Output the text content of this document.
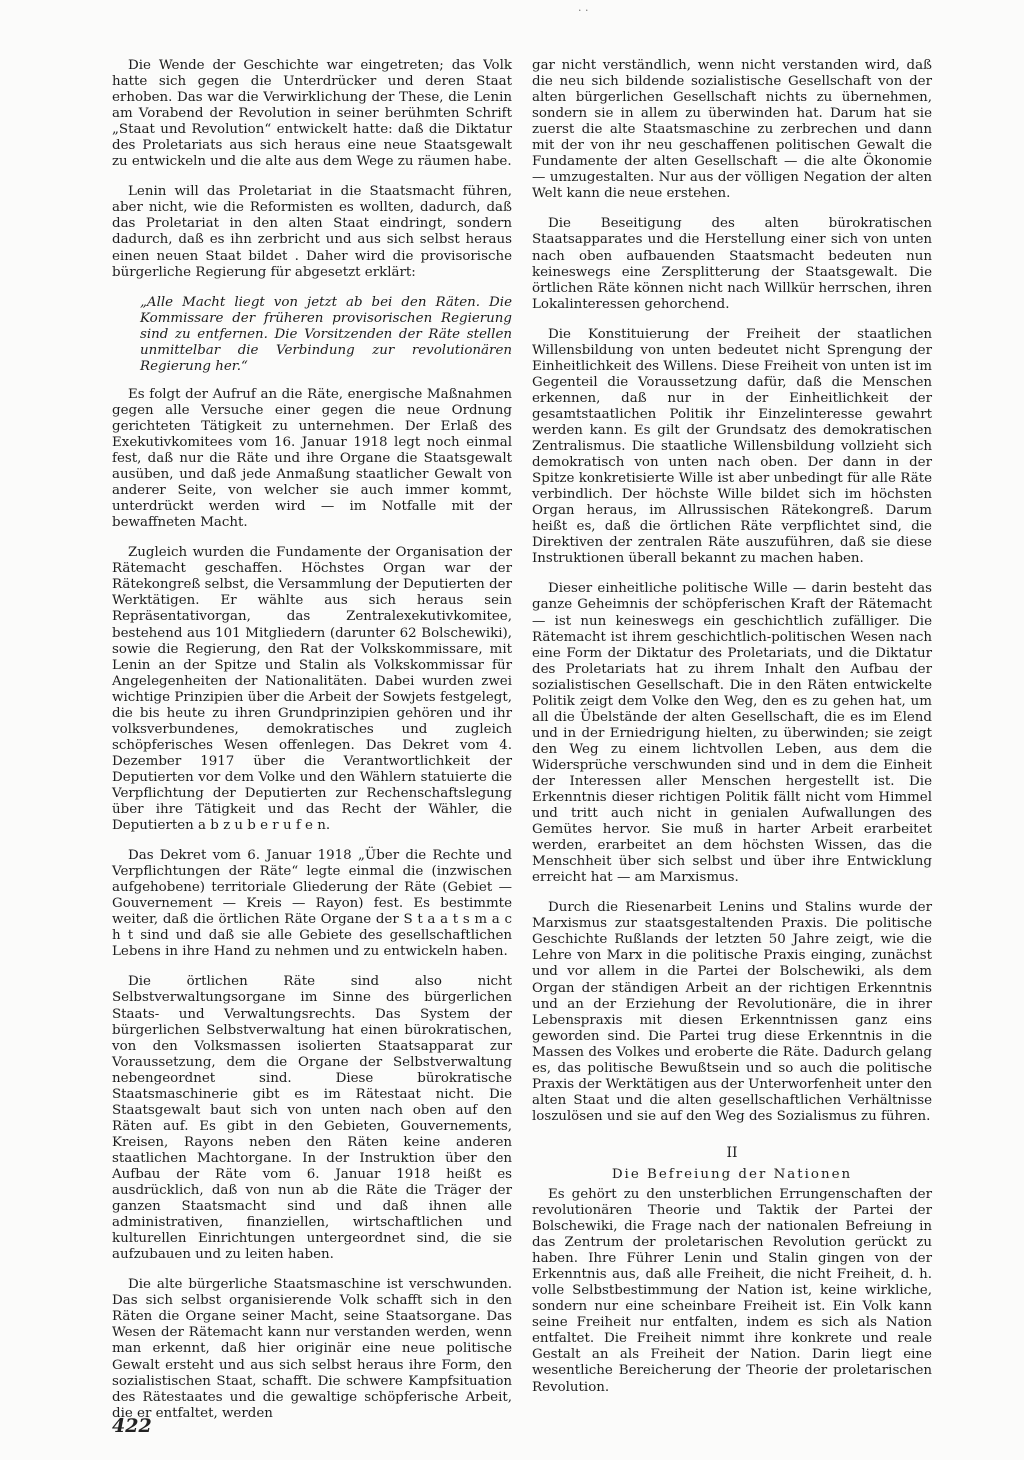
· ·

Die Wende der Geschichte war eingetreten; das Volk hatte sich gegen die Unterdrücker und deren Staat erhoben. Das war die Verwirklichung der These, die Lenin am Vorabend der Revolution in seiner berühmten Schrift „Staat und Revolution“ entwickelt hatte: daß die Diktatur des Proletariats aus sich heraus eine neue Staatsgewalt zu entwickeln und die alte aus dem Wege zu räumen habe.

Lenin will das Proletariat in die Staatsmacht führen, aber nicht, wie die Reformisten es wollten, dadurch, daß das Proletariat in den alten Staat eindringt, sondern dadurch, daß es ihn zerbricht und aus sich selbst heraus einen neuen Staat bildet . Daher wird die provisorische bürgerliche Regierung für abgesetzt erklärt:

„Alle Macht liegt von jetzt ab bei den Räten. Die Kommissare der früheren provisorischen Regierung sind zu entfernen. Die Vorsitzenden der Räte stellen unmittelbar die Verbindung zur revolutionären Regierung her.“

Es folgt der Aufruf an die Räte, energische Maßnahmen gegen alle Versuche einer gegen die neue Ordnung gerichteten Tätigkeit zu unternehmen. Der Erlaß des Exekutivkomitees vom 16. Januar 1918 legt noch einmal fest, daß nur die Räte und ihre Organe die Staatsgewalt ausüben, und daß jede Anmaßung staatlicher Gewalt von anderer Seite, von welcher sie auch immer kommt, unterdrückt werden wird — im Notfalle mit der bewaffneten Macht.

Zugleich wurden die Fundamente der Organisation der Rätemacht geschaffen. Höchstes Organ war der Rätekongreß selbst, die Versammlung der Deputierten der Werktätigen. Er wählte aus sich heraus sein Repräsentativorgan, das Zentralexekutivkomitee, bestehend aus 101 Mitgliedern (darunter 62 Bolschewiki), sowie die Regierung, den Rat der Volkskommissare, mit Lenin an der Spitze und Stalin als Volkskommissar für Angelegenheiten der Nationalitäten. Dabei wurden zwei wichtige Prinzipien über die Arbeit der Sowjets festgelegt, die bis heute zu ihren Grundprinzipien gehören und ihr volksverbundenes, demokratisches und zugleich schöpferisches Wesen offenlegen. Das Dekret vom 4. Dezember 1917 über die Verantwortlichkeit der Deputierten vor dem Volke und den Wählern statuierte die Verpflichtung der Deputierten zur Rechenschaftslegung über ihre Tätigkeit und das Recht der Wähler, die Deputierten a b z u b e r u f e n.

Das Dekret vom 6. Januar 1918 „Über die Rechte und Verpflichtungen der Räte“ legte einmal die (inzwischen aufgehobene) territoriale Gliederung der Räte (Gebiet — Gouvernement — Kreis — Rayon) fest. Es bestimmte weiter, daß die örtlichen Räte Organe der S t a a t s m a c h t sind und daß sie alle Gebiete des gesellschaftlichen Lebens in ihre Hand zu nehmen und zu entwickeln haben.

Die örtlichen Räte sind also nicht Selbstverwaltungsorgane im Sinne des bürgerlichen Staats- und Verwaltungsrechts. Das System der bürgerlichen Selbstverwaltung hat einen bürokratischen, von den Volksmassen isolierten Staatsapparat zur Voraussetzung, dem die Organe der Selbstverwaltung nebengeordnet sind. Diese bürokratische Staatsmaschinerie gibt es im Rätestaat nicht. Die Staatsgewalt baut sich von unten nach oben auf den Räten auf. Es gibt in den Gebieten, Gouvernements, Kreisen, Rayons neben den Räten keine anderen staatlichen Machtorgane. In der Instruktion über den Aufbau der Räte vom 6. Januar 1918 heißt es ausdrücklich, daß von nun ab die Räte die Träger der ganzen Staatsmacht sind und daß ihnen alle administrativen, finanziellen, wirtschaftlichen und kulturellen Einrichtungen untergeordnet sind, die sie aufzubauen und zu leiten haben.

Die alte bürgerliche Staatsmaschine ist verschwunden. Das sich selbst organisierende Volk schafft sich in den Räten die Organe seiner Macht, seine Staatsorgane. Das Wesen der Rätemacht kann nur verstanden werden, wenn man erkennt, daß hier originär eine neue politische Gewalt ersteht und aus sich selbst heraus ihre Form, den sozialistischen Staat, schafft. Die schwere Kampfsituation des Rätestaates und die gewaltige schöpferische Arbeit, die er entfaltet, werden

gar nicht verständlich, wenn nicht verstanden wird, daß die neu sich bildende sozialistische Gesellschaft von der alten bürgerlichen Gesellschaft nichts zu übernehmen, sondern sie in allem zu überwinden hat. Darum hat sie zuerst die alte Staatsmaschine zu zerbrechen und dann mit der von ihr neu geschaffenen politischen Gewalt die Fundamente der alten Gesellschaft — die alte Ökonomie — umzugestalten. Nur aus der völligen Negation der alten Welt kann die neue erstehen.

Die Beseitigung des alten bürokratischen Staatsapparates und die Herstellung einer sich von unten nach oben aufbauenden Staatsmacht bedeuten nun keineswegs eine Zersplitterung der Staatsgewalt. Die örtlichen Räte können nicht nach Willkür herrschen, ihren Lokalinteressen gehorchend.

Die Konstituierung der Freiheit der staatlichen Willensbildung von unten bedeutet nicht Sprengung der Einheitlichkeit des Willens. Diese Freiheit von unten ist im Gegenteil die Voraussetzung dafür, daß die Menschen erkennen, daß nur in der Einheitlichkeit der gesamtstaatlichen Politik ihr Einzelinteresse gewahrt werden kann. Es gilt der Grundsatz des demokratischen Zentralismus. Die staatliche Willensbildung vollzieht sich demokratisch von unten nach oben. Der dann in der Spitze konkretisierte Wille ist aber unbedingt für alle Räte verbindlich. Der höchste Wille bildet sich im höchsten Organ heraus, im Allrussischen Rätekongreß. Darum heißt es, daß die örtlichen Räte verpflichtet sind, die Direktiven der zentralen Räte auszuführen, daß sie diese Instruktionen überall bekannt zu machen haben.

Dieser einheitliche politische Wille — darin besteht das ganze Geheimnis der schöpferischen Kraft der Rätemacht — ist nun keineswegs ein geschichtlich zufälliger. Die Rätemacht ist ihrem geschichtlich-politischen Wesen nach eine Form der Diktatur des Proletariats, und die Diktatur des Proletariats hat zu ihrem Inhalt den Aufbau der sozialistischen Gesellschaft. Die in den Räten entwickelte Politik zeigt dem Volke den Weg, den es zu gehen hat, um all die Übelstände der alten Gesellschaft, die es im Elend und in der Erniedrigung hielten, zu überwinden; sie zeigt den Weg zu einem lichtvollen Leben, aus dem die Widersprüche verschwunden sind und in dem die Einheit der Interessen aller Menschen hergestellt ist. Die Erkenntnis dieser richtigen Politik fällt nicht vom Himmel und tritt auch nicht in genialen Aufwallungen des Gemütes hervor. Sie muß in harter Arbeit erarbeitet werden, erarbeitet an dem höchsten Wissen, das die Menschheit über sich selbst und über ihre Entwicklung erreicht hat — am Marxismus.

Durch die Riesenarbeit Lenins und Stalins wurde der Marxismus zur staatsgestaltenden Praxis. Die politische Geschichte Rußlands der letzten 50 Jahre zeigt, wie die Lehre von Marx in die politische Praxis einging, zunächst und vor allem in die Partei der Bolschewiki, als dem Organ der ständigen Arbeit an der richtigen Erkenntnis und an der Erziehung der Revolutionäre, die in ihrer Lebenspraxis mit diesen Erkenntnissen ganz eins geworden sind. Die Partei trug diese Erkenntnis in die Massen des Volkes und eroberte die Räte. Dadurch gelang es, das politische Bewußtsein und so auch die politische Praxis der Werktätigen aus der Unterworfenheit unter den alten Staat und die alten gesellschaftlichen Verhältnisse loszulösen und sie auf den Weg des Sozialismus zu führen.

II
Die Befreiung der Nationen

Es gehört zu den unsterblichen Errungenschaften der revolutionären Theorie und Taktik der Partei der Bolschewiki, die Frage nach der nationalen Befreiung in das Zentrum der proletarischen Revolution gerückt zu haben. Ihre Führer Lenin und Stalin gingen von der Erkenntnis aus, daß alle Freiheit, die nicht Freiheit, d. h. volle Selbstbestimmung der Nation ist, keine wirkliche, sondern nur eine scheinbare Freiheit ist. Ein Volk kann seine Freiheit nur entfalten, indem es sich als Nation entfaltet. Die Freiheit nimmt ihre konkrete und reale Gestalt an als Freiheit der Nation. Darin liegt eine wesentliche Bereicherung der Theorie der proletarischen Revolution.

422
